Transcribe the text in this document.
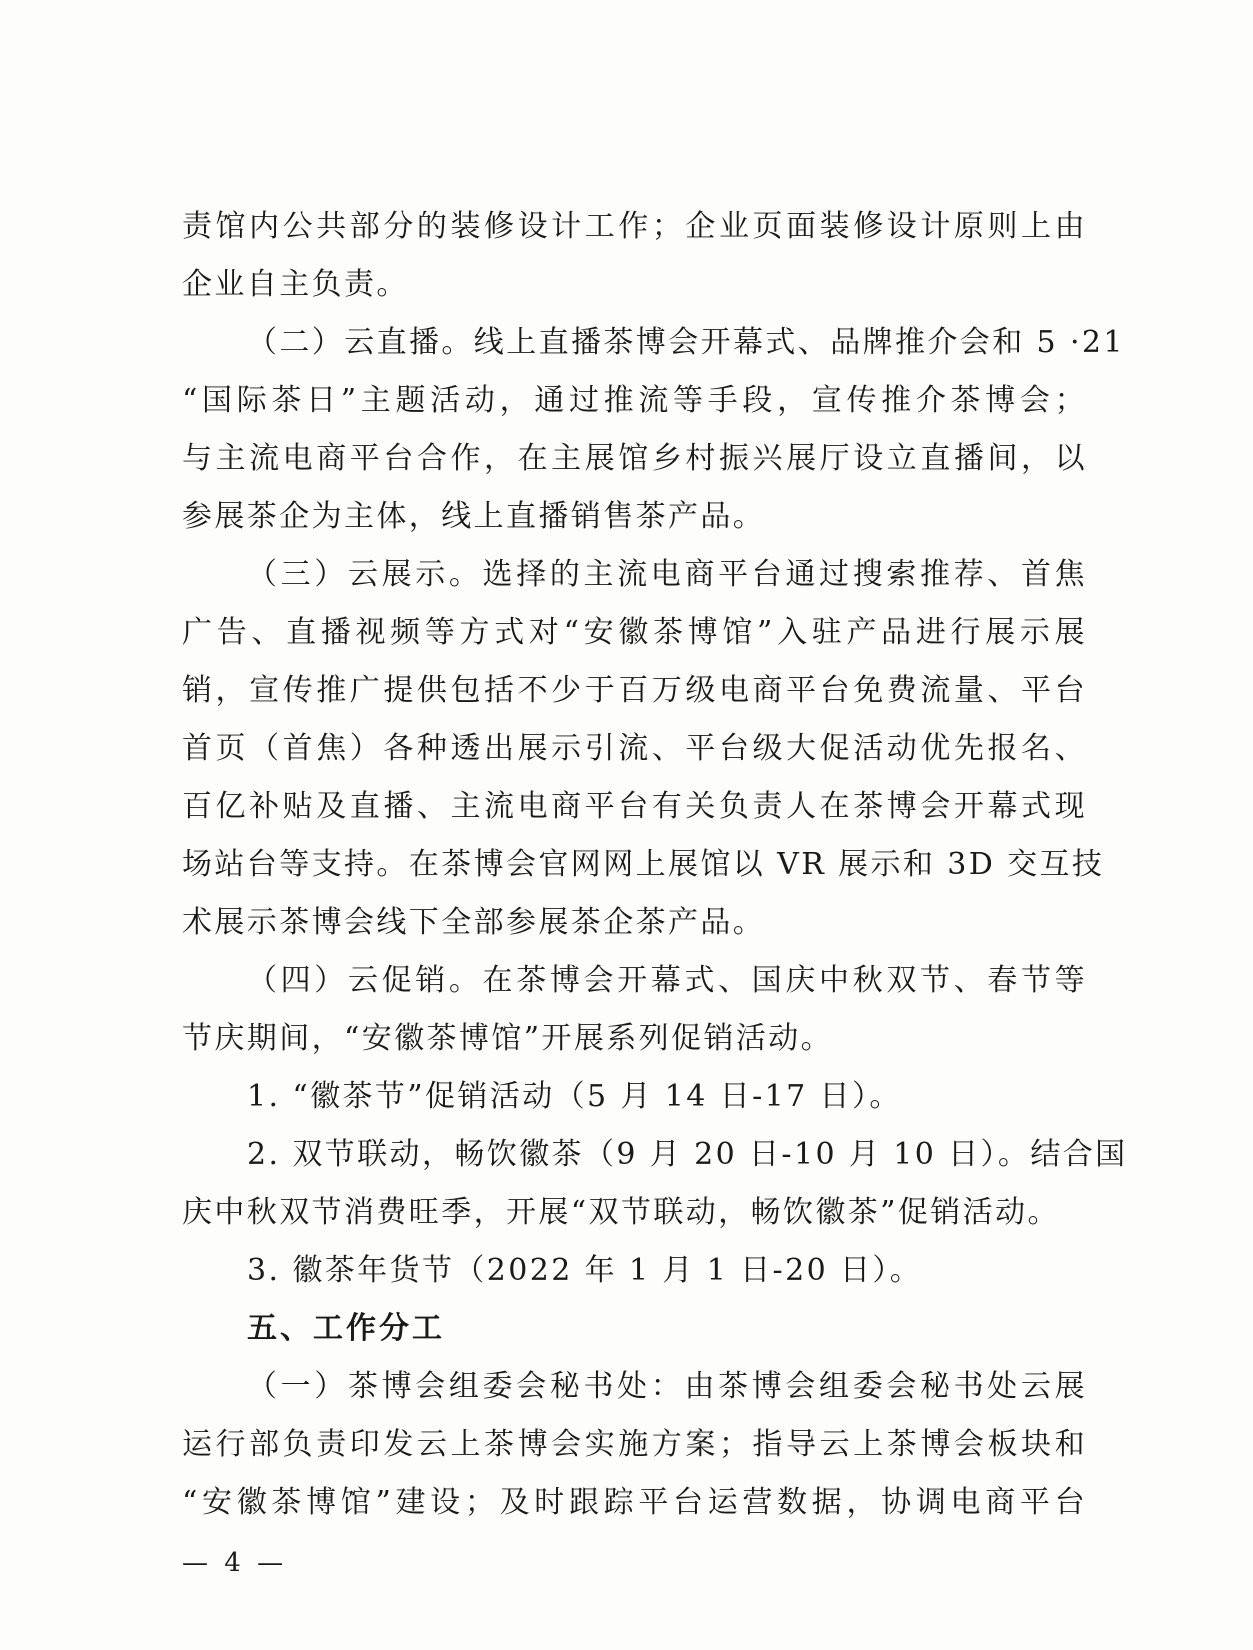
责馆内公共部分的装修设计工作；企业页面装修设计原则上由
企业自主负责。
（二）云直播。线上直播茶博会开幕式、品牌推介会和 5 ·21
“国际茶日”主题活动，通过推流等手段，宣传推介茶博会；
与主流电商平台合作，在主展馆乡村振兴展厅设立直播间，以
参展茶企为主体，线上直播销售茶产品。
（三）云展示。选择的主流电商平台通过搜索推荐、首焦
广告、直播视频等方式对“安徽茶博馆”入驻产品进行展示展
销，宣传推广提供包括不少于百万级电商平台免费流量、平台
首页（首焦）各种透出展示引流、平台级大促活动优先报名、
百亿补贴及直播、主流电商平台有关负责人在茶博会开幕式现
场站台等支持。在茶博会官网网上展馆以 VR 展示和 3D 交互技
术展示茶博会线下全部参展茶企茶产品。
（四）云促销。在茶博会开幕式、国庆中秋双节、春节等
节庆期间，“安徽茶博馆”开展系列促销活动。
1. “徽茶节”促销活动（5 月 14 日-17 日）。
2. 双节联动，畅饮徽茶（9 月 20 日-10 月 10 日）。结合国
庆中秋双节消费旺季，开展“双节联动，畅饮徽茶”促销活动。
3. 徽茶年货节（2022 年 1 月 1 日-20 日）。
五、工作分工
（一）茶博会组委会秘书处：由茶博会组委会秘书处云展
运行部负责印发云上茶博会实施方案；指导云上茶博会板块和
“安徽茶博馆”建设；及时跟踪平台运营数据，协调电商平台
— 4 —
